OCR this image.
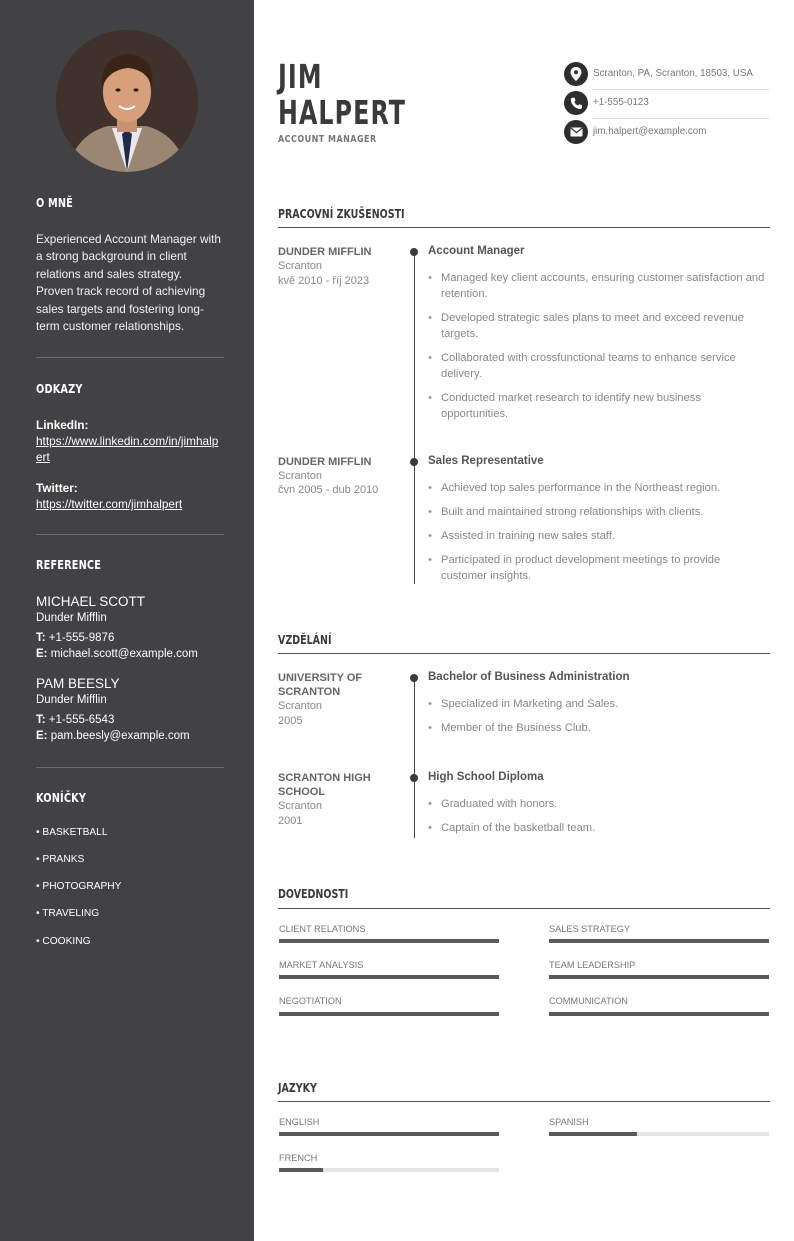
O MNĚ
Experienced Account Manager with a strong background in client relations and sales strategy. Proven track record of achieving sales targets and fostering long-term customer relationships.
ODKAZY
LinkedIn:
https://www.linkedin.com/in/jimhalpert
Twitter:
https://twitter.com/jimhalpert
REFERENCE
MICHAEL SCOTT
Dunder Mifflin
T: +1-555-9876
E: michael.scott@example.com
PAM BEESLY
Dunder Mifflin
T: +1-555-6543
E: pam.beesly@example.com
KONÍČKY
• BASKETBALL
• PRANKS
• PHOTOGRAPHY
• TRAVELING
• COOKING
JIM
HALPERT
ACCOUNT MANAGER
Scranton, PA, Scranton, 18503, USA
+1-555-0123
jim.halpert@example.com
PRACOVNÍ ZKUŠENOSTI
DUNDER MIFFLIN
Scranton
kvě 2010 - říj 2023
Account Manager
• Managed key client accounts, ensuring customer satisfaction and retention.
• Developed strategic sales plans to meet and exceed revenue targets.
• Collaborated with crossfunctional teams to enhance service delivery.
• Conducted market research to identify new business opportunities.
DUNDER MIFFLIN
Scranton
čvn 2005 - dub 2010
Sales Representative
• Achieved top sales performance in the Northeast region.
• Built and maintained strong relationships with clients.
• Assisted in training new sales staff.
• Participated in product development meetings to provide customer insights.
VZDĚLÁNÍ
UNIVERSITY OF SCRANTON
Scranton
2005
Bachelor of Business Administration
• Specialized in Marketing and Sales.
• Member of the Business Club.
SCRANTON HIGH SCHOOL
Scranton
2001
High School Diploma
• Graduated with honors.
• Captain of the basketball team.
DOVEDNOSTI
CLIENT RELATIONS	SALES STRATEGY
MARKET ANALYSIS	TEAM LEADERSHIP
NEGOTIATION	COMMUNICATION
JAZYKY
ENGLISH	SPANISH
FRENCH
